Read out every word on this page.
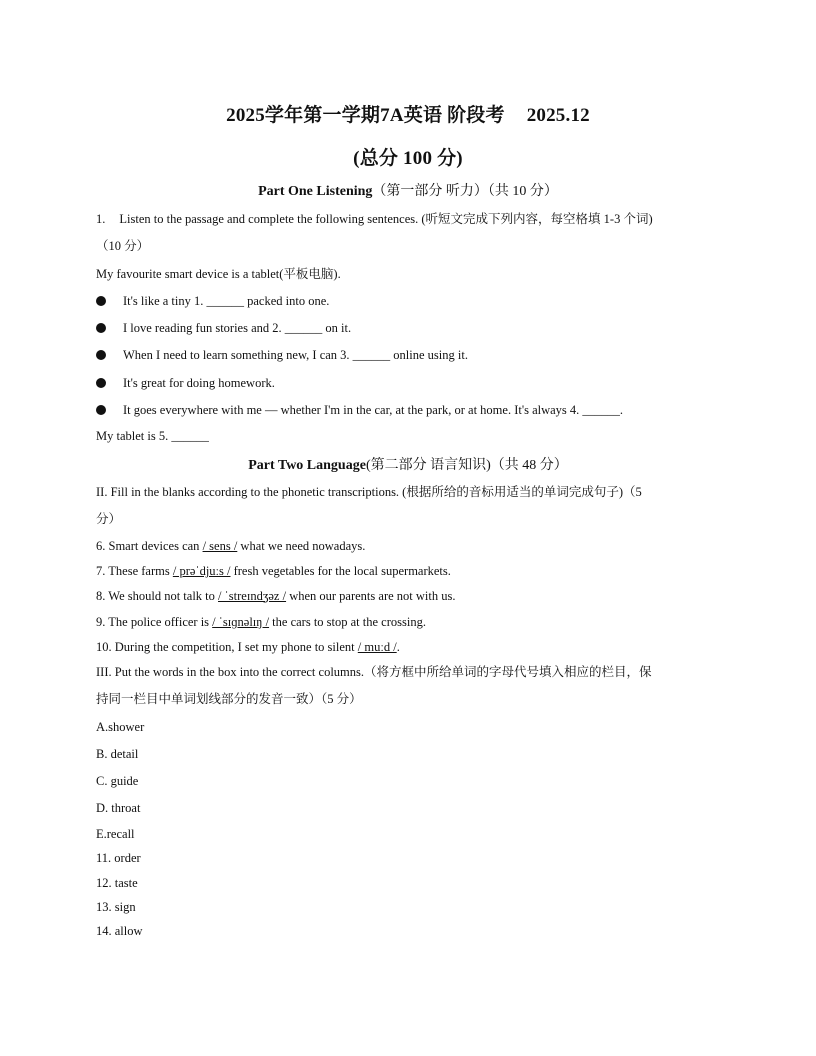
2025学年第一学期7A英语 阶段考 2025.12
(总分 100 分)
Part One Listening（第一部分 听力）（共 10 分）
1. Listen to the passage and complete the following sentences. (听短文完成下列内容，每空格填 1-3 个词)
（10 分）
My favourite smart device is a tablet(平板电脑).
It's like a tiny 1. ______ packed into one.
I love reading fun stories and 2. ______ on it.
When I need to learn something new, I can 3. ______ online using it.
It's great for doing homework.
It goes everywhere with me — whether I'm in the car, at the park, or at home. It's always 4. ______.
My tablet is 5. ______
Part Two Language(第二部分 语言知识)（共 48 分）
II. Fill in the blanks according to the phonetic transcriptions. (根据所给的音标用适当的单词完成句子)（5
分）
6. Smart devices can / sens / what we need nowadays.
7. These farms / prəˈdjuːs / fresh vegetables for the local supermarkets.
8. We should not talk to / ˈstreɪndʒəz / when our parents are not with us.
9. The police officer is / ˈsɪɡnəlɪŋ / the cars to stop at the crossing.
10. During the competition, I set my phone to silent / muːd /.
III. Put the words in the box into the correct columns.（将方框中所给单词的字母代号填入相应的栏目，保
持同一栏目中单词划线部分的发音一致）（5 分）
A.shower
B. detail
C. guide
D. throat
E.recall
11. order
12. taste
13. sign
14. allow
